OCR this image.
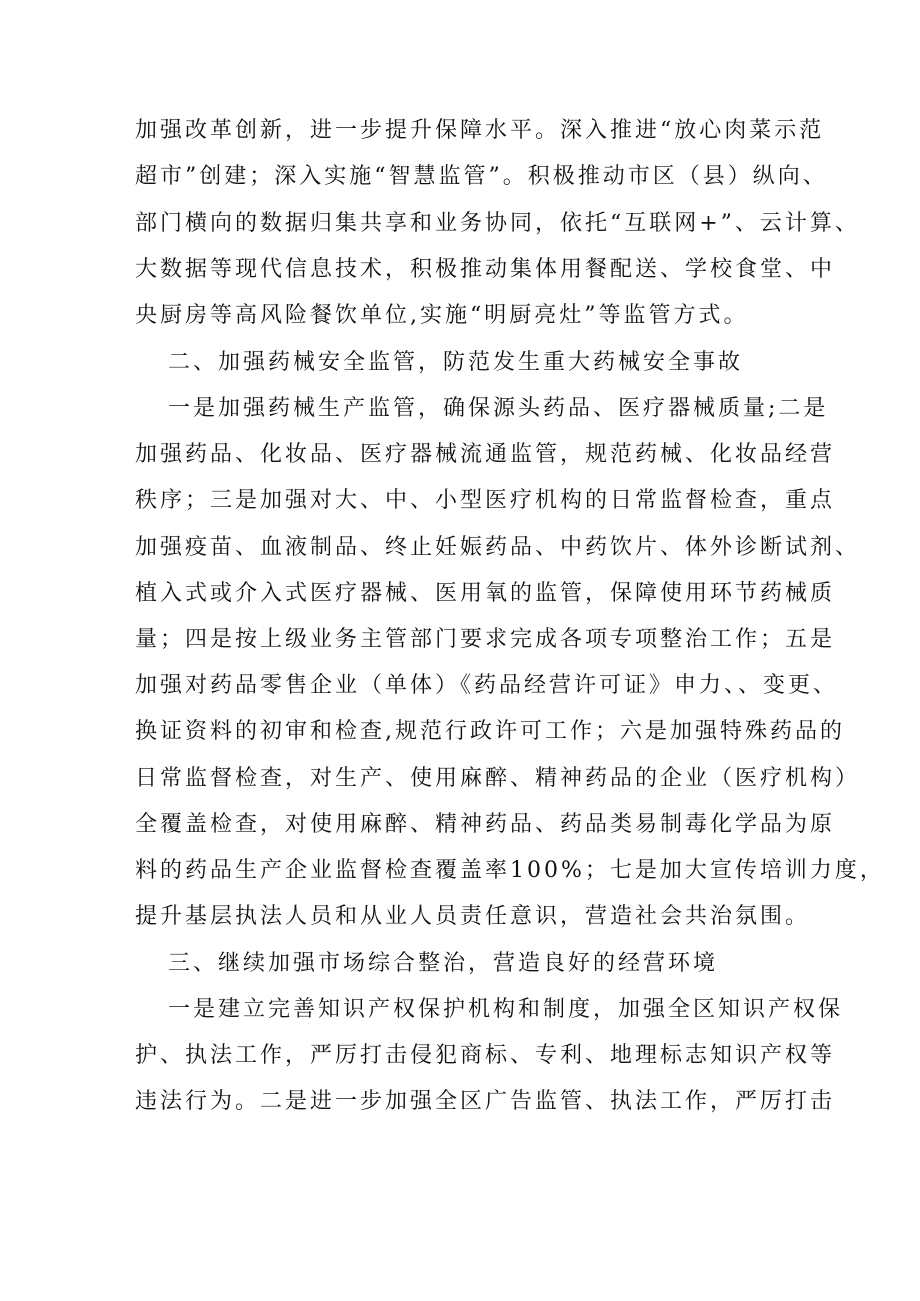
加强改革创新，进一步提升保障水平。深入推进“放心肉菜示范
超市”创建；深入实施“智慧监管”。积极推动市区（县）纵向、
部门横向的数据归集共享和业务协同，依托“互联网+”、云计算、
大数据等现代信息技术，积极推动集体用餐配送、学校食堂、中
央厨房等高风险餐饮单位,实施“明厨亮灶”等监管方式。
二、加强药械安全监管，防范发生重大药械安全事故
一是加强药械生产监管，确保源头药品、医疗器械质量;二是
加强药品、化妆品、医疗器械流通监管，规范药械、化妆品经营
秩序；三是加强对大、中、小型医疗机构的日常监督检查，重点
加强疫苗、血液制品、终止妊娠药品、中药饮片、体外诊断试剂、
植入式或介入式医疗器械、医用氧的监管，保障使用环节药械质
量；四是按上级业务主管部门要求完成各项专项整治工作；五是
加强对药品零售企业（单体）《药品经营许可证》申力、、变更、
换证资料的初审和检查,规范行政许可工作；六是加强特殊药品的
日常监督检查，对生产、使用麻醉、精神药品的企业（医疗机构）
全覆盖检查，对使用麻醉、精神药品、药品类易制毒化学品为原
料的药品生产企业监督检查覆盖率100%；七是加大宣传培训力度，
提升基层执法人员和从业人员责任意识，营造社会共治氛围。
三、继续加强市场综合整治，营造良好的经营环境
一是建立完善知识产权保护机构和制度，加强全区知识产权保
护、执法工作，严厉打击侵犯商标、专利、地理标志知识产权等
违法行为。二是进一步加强全区广告监管、执法工作，严厉打击
